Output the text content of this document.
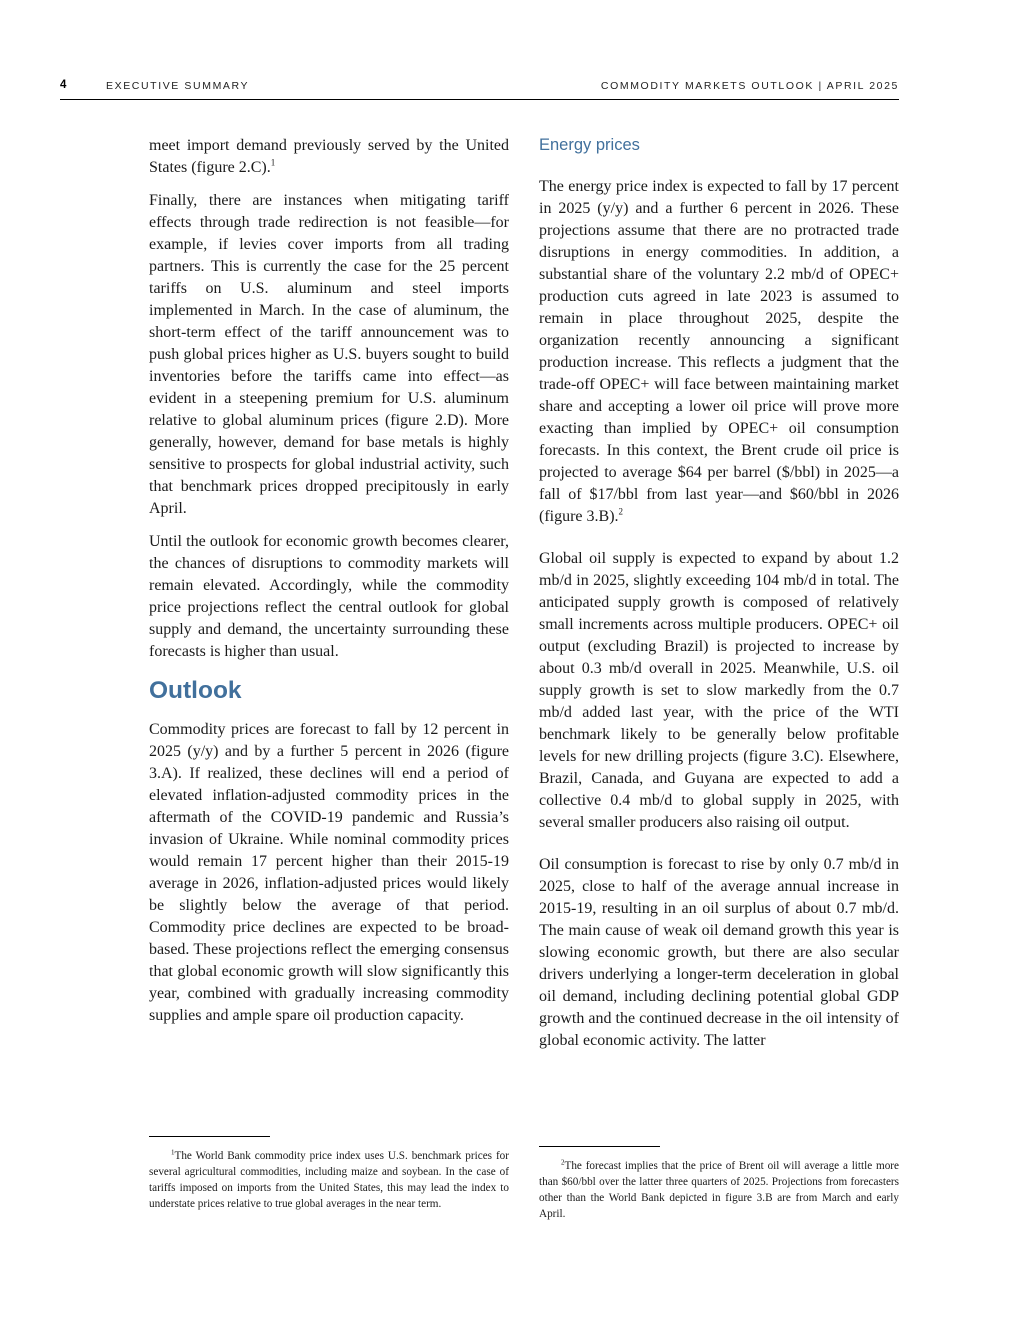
4	EXECUTIVE SUMMARY	COMMODITY MARKETS OUTLOOK | APRIL 2025

meet import demand previously served by the United States (figure 2.C).$^1$

Finally, there are instances when mitigating tariff effects through trade redirection is not feasible—for example, if levies cover imports from all trading partners. This is currently the case for the 25 percent tariffs on U.S. aluminum and steel imports implemented in March. In the case of aluminum, the short-term effect of the tariff announcement was to push global prices higher as U.S. buyers sought to build inventories before the tariffs came into effect—as evident in a steepening premium for U.S. aluminum relative to global aluminum prices (figure 2.D). More generally, however, demand for base metals is highly sensitive to prospects for global industrial activity, such that benchmark prices dropped precipitously in early April.

Until the outlook for economic growth becomes clearer, the chances of disruptions to commodity markets will remain elevated. Accordingly, while the commodity price projections reflect the central outlook for global supply and demand, the uncertainty surrounding these forecasts is higher than usual.

Outlook

Commodity prices are forecast to fall by 12 percent in 2025 (y/y) and by a further 5 percent in 2026 (figure 3.A). If realized, these declines will end a period of elevated inflation-adjusted commodity prices in the aftermath of the COVID-19 pandemic and Russia’s invasion of Ukraine. While nominal commodity prices would remain 17 percent higher than their 2015-19 average in 2026, inflation-adjusted prices would likely be slightly below the average of that period. Commodity price declines are expected to be broad-based. These projections reflect the emerging consensus that global economic growth will slow significantly this year, combined with gradually increasing commodity supplies and ample spare oil production capacity.

Energy prices

The energy price index is expected to fall by 17 percent in 2025 (y/y) and a further 6 percent in 2026. These projections assume that there are no protracted trade disruptions in energy commodities. In addition, a substantial share of the voluntary 2.2 mb/d of OPEC+ production cuts agreed in late 2023 is assumed to remain in place throughout 2025, despite the organization recently announcing a significant production increase. This reflects a judgment that the trade-off OPEC+ will face between maintaining market share and accepting a lower oil price will prove more exacting than implied by OPEC+ oil consumption forecasts. In this context, the Brent crude oil price is projected to average $64 per barrel ($/bbl) in 2025—a fall of $17/bbl from last year—and $60/bbl in 2026 (figure 3.B).$^2$

Global oil supply is expected to expand by about 1.2 mb/d in 2025, slightly exceeding 104 mb/d in total. The anticipated supply growth is composed of relatively small increments across multiple producers. OPEC+ oil output (excluding Brazil) is projected to increase by about 0.3 mb/d overall in 2025. Meanwhile, U.S. oil supply growth is set to slow markedly from the 0.7 mb/d added last year, with the price of the WTI benchmark likely to be generally below profitable levels for new drilling projects (figure 3.C). Elsewhere, Brazil, Canada, and Guyana are expected to add a collective 0.4 mb/d to global supply in 2025, with several smaller producers also raising oil output.

Oil consumption is forecast to rise by only 0.7 mb/d in 2025, close to half of the average annual increase in 2015-19, resulting in an oil surplus of about 0.7 mb/d. The main cause of weak oil demand growth this year is slowing economic growth, but there are also secular drivers underlying a longer-term deceleration in global oil demand, including declining potential global GDP growth and the continued decrease in the oil intensity of global economic activity. The latter

$^1$The World Bank commodity price index uses U.S. benchmark prices for several agricultural commodities, including maize and soybean. In the case of tariffs imposed on imports from the United States, this may lead the index to understate prices relative to true global averages in the near term.

$^2$The forecast implies that the price of Brent oil will average a little more than $60/bbl over the latter three quarters of 2025. Projections from forecasters other than the World Bank depicted in figure 3.B are from March and early April.
